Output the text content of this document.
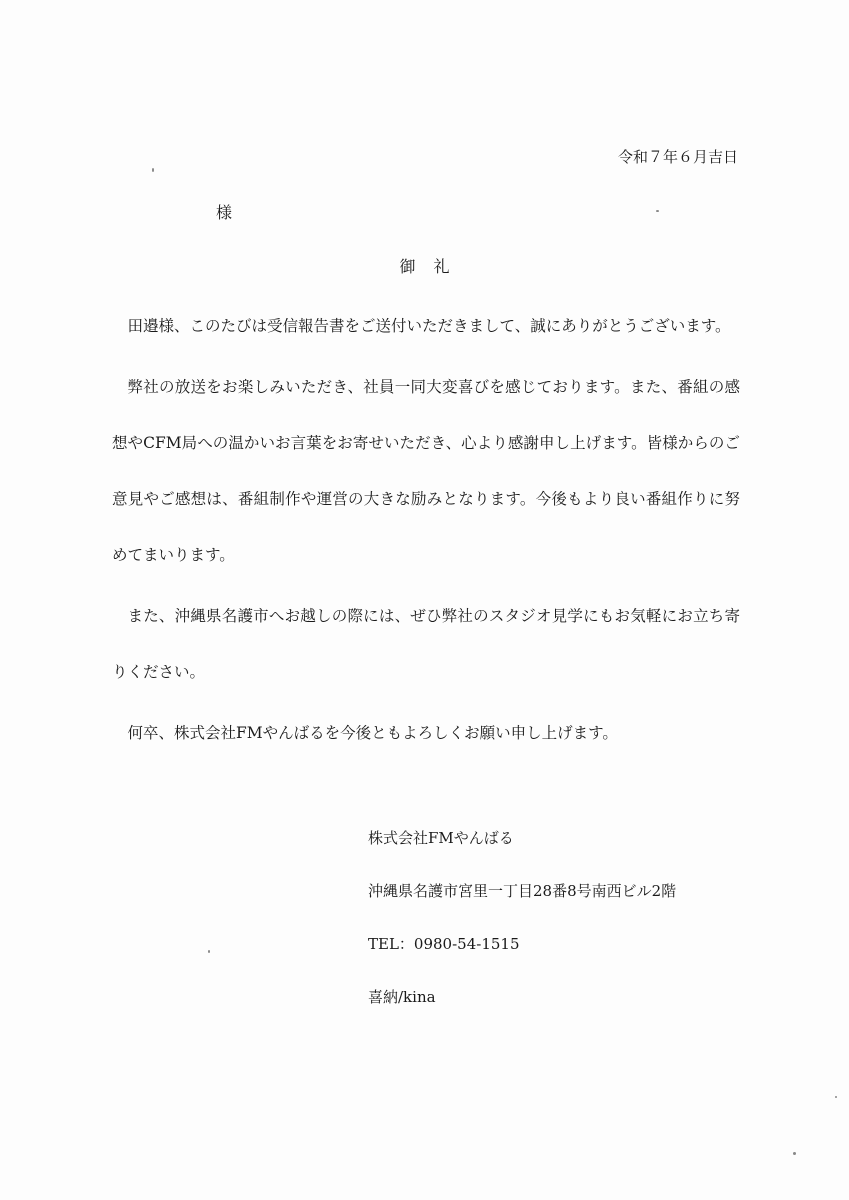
令和７年６月吉日
様
御礼

田邉様、このたびは受信報告書をご送付いただきまして、誠にありがとうございます。

弊社の放送をお楽しみいただき、社員一同大変喜びを感じております。また、番組の感想やCFM局への温かいお言葉をお寄せいただき、心より感謝申し上げます。皆様からのご意見やご感想は、番組制作や運営の大きな励みとなります。今後もより良い番組作りに努めてまいります。

また、沖縄県名護市へお越しの際には、ぜひ弊社のスタジオ見学にもお気軽にお立ち寄りください。

何卒、株式会社FMやんばるを今後ともよろしくお願い申し上げます。

株式会社FMやんばる
沖縄県名護市宮里一丁目28番8号南西ビル2階
TEL：0980-54-1515
喜納/kina
